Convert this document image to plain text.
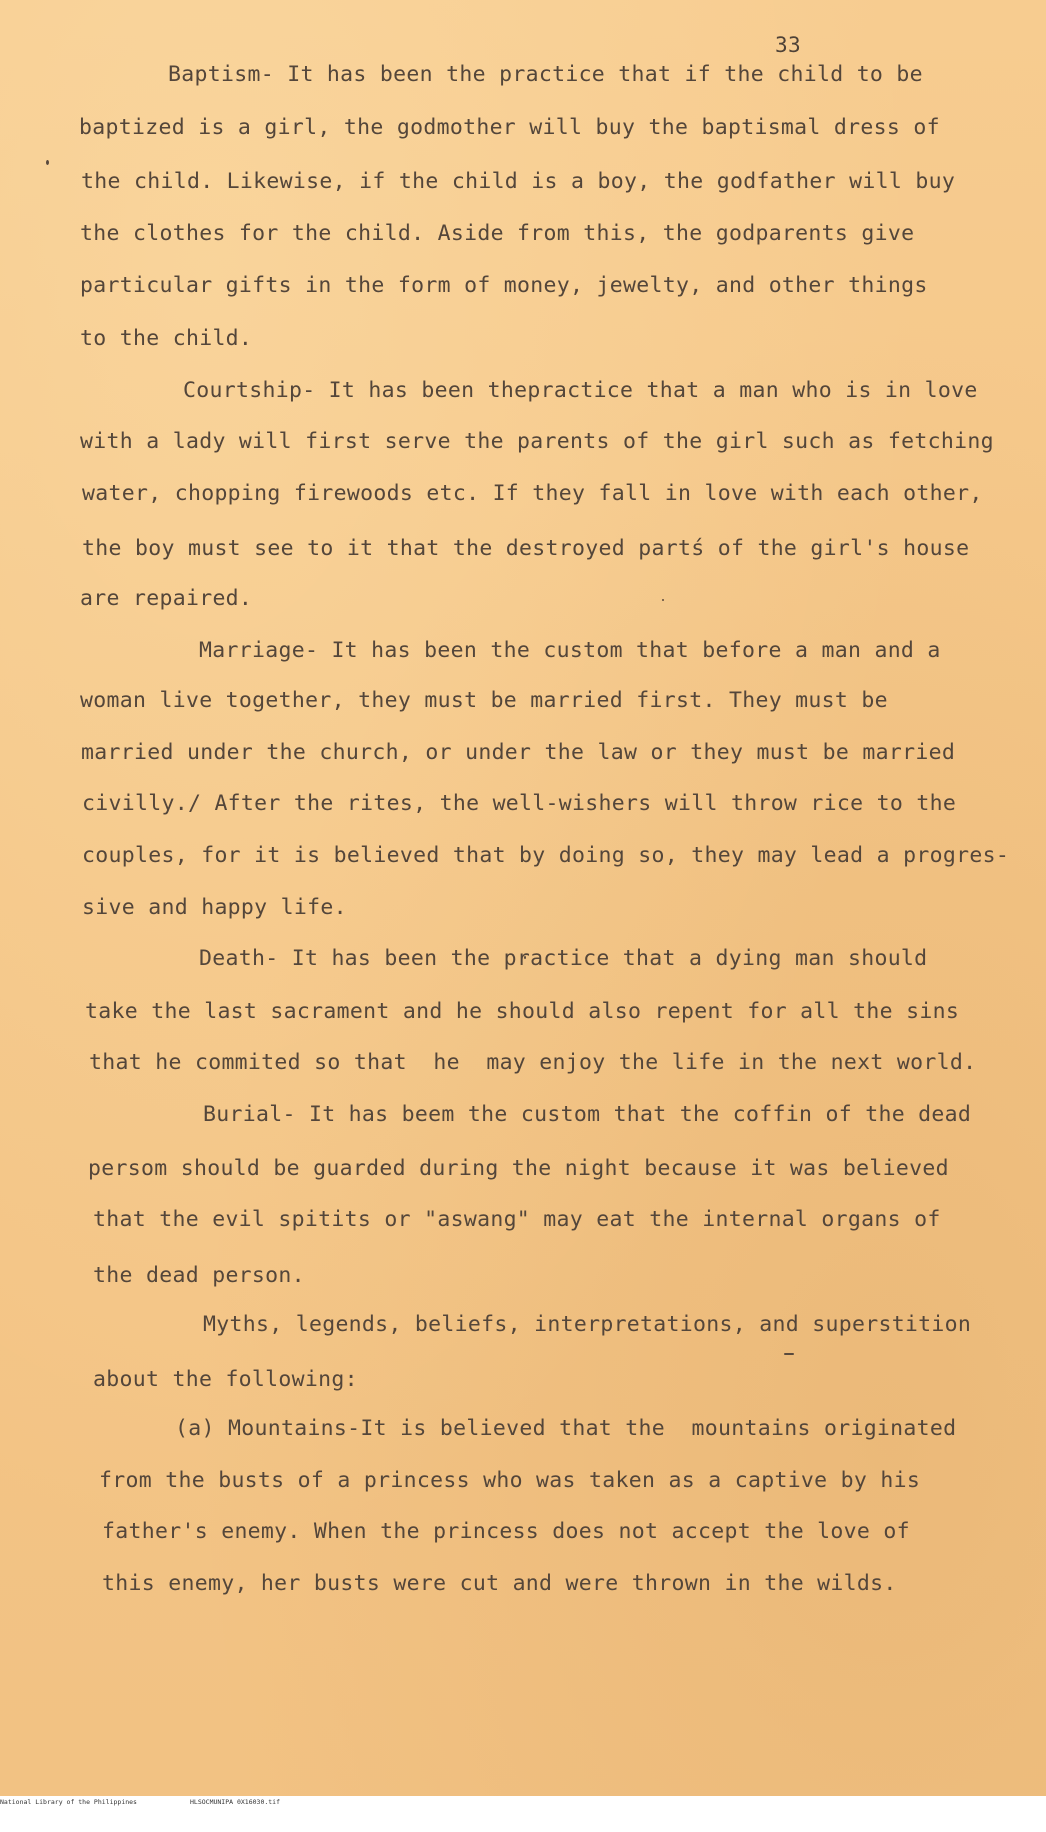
33
Baptism- It has been the practice that if the child to be
baptized is a girl, the godmother will buy the baptismal dress of
the child. Likewise, if the child is a boy, the godfather will buy
the clothes for the child. Aside from this, the godparents give
particular gifts in the form of money, jewelty, and other things
to the child.
Courtship- It has been thepractice that a man who is in love
with a lady will first serve the parents of the girl such as fetching
water, chopping firewoods etc. If they fall in love with each other,
the boy must see to it that the destroyed partś of the girl's house
are repaired.
Marriage- It has been the custom that before a man and a
woman live together, they must be married first. They must be
married under the church, or under the law or they must be married
civilly./ After the rites, the well-wishers will throw rice to the
couples, for it is believed that by doing so, they may lead a progres-
sive and happy life.
Death- It has been the practice that a dying man should
take the last sacrament and he should also repent for all the sins
that he commited so that  he  may enjoy the life in the next world.
Burial- It has beem the custom that the coffin of the dead
persom should be guarded during the night because it was believed
that the evil spitits or "aswang" may eat the internal organs of
the dead person.
Myths, legends, beliefs, interpretations, and superstition
about the following:
(a) Mountains-It is believed that the  mountains originated
from the busts of a princess who was taken as a captive by his
father's enemy. When the princess does not accept the love of
this enemy, her busts were cut and were thrown in the wilds.

National Library of the Philippines

	HLSOCMUNIPA 0X16030.tif
